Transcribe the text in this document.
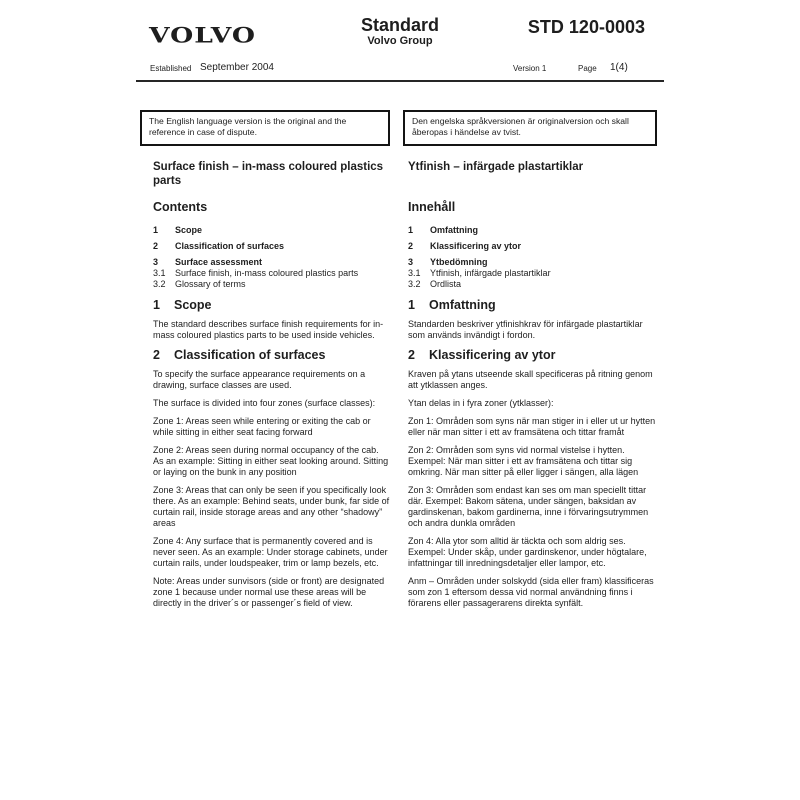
VOLVO	Standard
Volvo Group
STD 120-0003
Established September 2004	Version 1	Page 1(4)
The English language version is the original and the reference in case of dispute.
Den engelska språkversionen är originalversion och skall åberopas i händelse av tvist.
Surface finish – in-mass coloured plastics parts
Ytfinish – infärgade plastartiklar
Contents	Innehåll
1	Scope	1	Omfattning
2	Classification of surfaces	2	Klassificering av ytor
3	Surface assessment	3	Ytbedömning
3.1	Surface finish, in-mass coloured plastics parts	3.1	Ytfinish, infärgade plastartiklar
3.2	Glossary of terms	3.2	Ordlista
1	Scope	1	Omfattning
The standard describes surface finish requirements for in-mass coloured plastics parts to be used inside vehicles.
Standarden beskriver ytfinishkrav för infärgade plastartiklar som används invändigt i fordon.
2	Classification of surfaces	2	Klassificering av ytor
To specify the surface appearance requirements on a drawing, surface classes are used.
Kraven på ytans utseende skall specificeras på ritning genom att ytklassen anges.
The surface is divided into four zones (surface classes):	Ytan delas in i fyra zoner (ytklasser):
Zone 1: Areas seen while entering or exiting the cab or while sitting in either seat facing forward
Zon 1: Områden som syns när man stiger in i eller ut ur hytten eller när man sitter i ett av framsätena och tittar framåt
Zone 2: Areas seen during normal occupancy of the cab. As an example: Sitting in either seat looking around. Sitting or laying on the bunk in any position
Zon 2: Områden som syns vid normal vistelse i hytten. Exempel: När man sitter i ett av framsätena och tittar sig omkring. När man sitter på eller ligger i sängen, alla lägen
Zone 3: Areas that can only be seen if you specifically look there. As an example: Behind seats, under bunk, far side of curtain rail, inside storage areas and any other “shadowy” areas
Zon 3: Områden som endast kan ses om man speciellt tittar där. Exempel: Bakom sätena, under sängen, baksidan av gardinskenan, bakom gardinerna, inne i förvaringsutrymmen och andra dunkla områden
Zone 4: Any surface that is permanently covered and is never seen. As an example: Under storage cabinets, under curtain rails, under loudspeaker, trim or lamp bezels, etc.
Zon 4: Alla ytor som alltid är täckta och som aldrig ses. Exempel: Under skåp, under gardinskenor, under högtalare, infattningar till inredningsdetaljer eller lampor, etc.
Note: Areas under sunvisors (side or front) are designated zone 1 because under normal use these areas will be directly in the driver´s or passenger´s field of view.
Anm – Områden under solskydd (sida eller fram) klassificeras som zon 1 eftersom dessa vid normal användning finns i förarens eller passagerarens direkta synfält.
